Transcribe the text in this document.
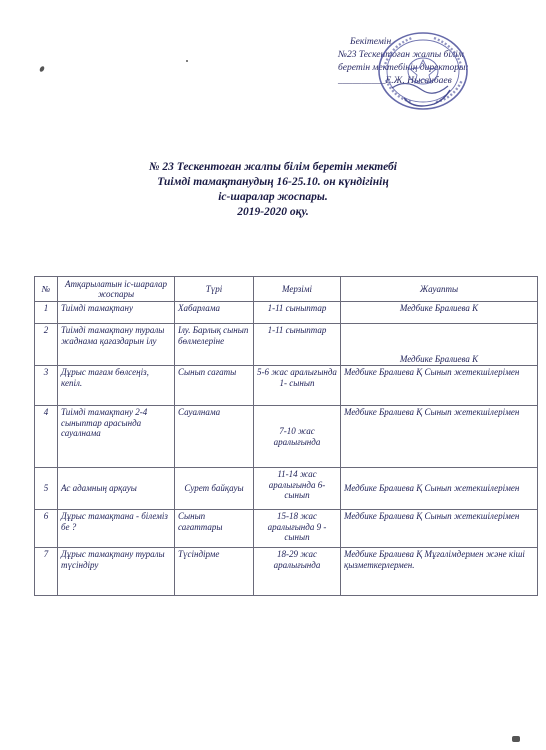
Бекітемін
№23 Тескентоған жалпы білім
беретін мектебінің директоры:
__________Е.Ж. Нысанбаев
№ 23 Тескентоған жалпы білім беретін мектебі
Тиімді тамақтанудың 16-25.10. он күндігінің
іс-шаралар жоспары.
2019-2020 оқу.
№	Атқарылатын іс-шаралар жоспары	Түрі	Мерзімі	Жауапты
1	Тиімді тамақтану	Хабарлама	1-11 сыныптар	Медбике Бралиева К
2	Тиімді тамақтану туралы жаднама қағаздарын ілу	Ілу. Барлық сынып бөлмелеріне	1-11 сыныптар	Медбике Бралиева К
3	Дұрыс тағам бөлсеңіз, кепіл.	Сынып сағаты	5-6 жас аралығында 1- сынып	Медбике Бралиева Қ Сынып жетекшілерімен
4	Тиімді тамақтану 2-4 сыныптар арасында сауалнама	Сауалнама	7-10 жас аралығында	Медбике Бралиева Қ Сынып жетекшілерімен
5	Ас адамның арқауы	Сурет байқауы	11-14 жас аралығында 6- сынып	Медбике Бралиева Қ Сынып жетекшілерімен
6	Дұрыс тамақтана - білеміз бе ?	Сынып сағаттары	15-18 жас аралығында 9 - сынып	Медбике Бралиева Қ Сынып жетекшілерімен
7	Дұрыс тамақтану туралы түсіндіру	Түсіндірме	18-29 жас аралығында	Медбике Бралиева Қ Мұғалімдермен және кіші қызметкерлермен.
